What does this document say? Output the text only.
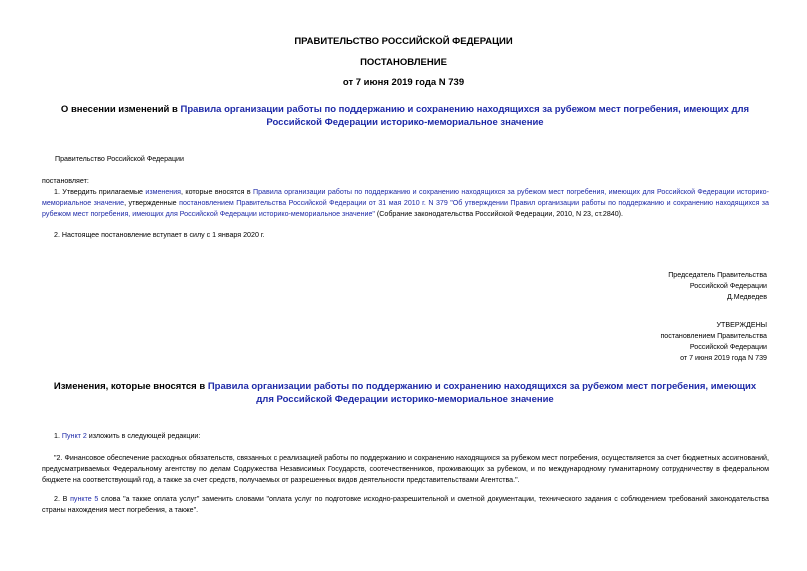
ПРАВИТЕЛЬСТВО РОССИЙСКОЙ ФЕДЕРАЦИИ
ПОСТАНОВЛЕНИЕ
от 7 июня 2019 года N 739
О внесении изменений в Правила организации работы по поддержанию и сохранению находящихся за рубежом мест погребения, имеющих для Российской Федерации историко-мемориальное значение
Правительство Российской Федерации
постановляет:
1. Утвердить прилагаемые изменения, которые вносятся в Правила организации работы по поддержанию и сохранению находящихся за рубежом мест погребения, имеющих для Российской Федерации историко-мемориальное значение, утвержденные постановлением Правительства Российской Федерации от 31 мая 2010 г. N 379 "Об утверждении Правил организации работы по поддержанию и сохранению находящихся за рубежом мест погребения, имеющих для Российской Федерации историко-мемориальное значение" (Собрание законодательства Российской Федерации, 2010, N 23, ст.2840).
2. Настоящее постановление вступает в силу с 1 января 2020 г.
Председатель Правительства
Российской Федерации
Д.Медведев
УТВЕРЖДЕНЫ
постановлением Правительства
Российской Федерации
от 7 июня 2019 года N 739
Изменения, которые вносятся в Правила организации работы по поддержанию и сохранению находящихся за рубежом мест погребения, имеющих для Российской Федерации историко-мемориальное значение
1. Пункт 2 изложить в следующей редакции:
"2. Финансовое обеспечение расходных обязательств, связанных с реализацией работы по поддержанию и сохранению находящихся за рубежом мест погребения, осуществляется за счет бюджетных ассигнований, предусматриваемых Федеральному агентству по делам Содружества Независимых Государств, соотечественников, проживающих за рубежом, и по международному гуманитарному сотрудничеству в федеральном бюджете на соответствующий год, а также за счет средств, получаемых от разрешенных видов деятельности представительствами Агентства.".
2. В пункте 5 слова "а также оплата услуг" заменить словами "оплата услуг по подготовке исходно-разрешительной и сметной документации, технического задания с соблюдением требований законодательства страны нахождения мест погребения, а также".
